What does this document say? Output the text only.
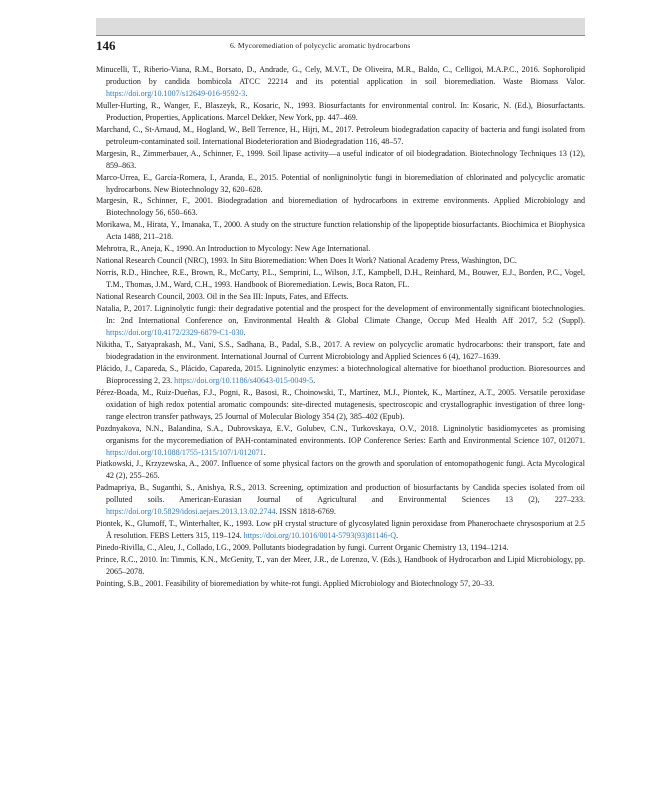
146	6. Mycoremediation of polycyclic aromatic hydrocarbons
Minucelli, T., Riberio-Viana, R.M., Borsato, D., Andrade, G., Cely, M.V.T., De Oliveira, M.R., Baldo, C., Celligoi, M.A.P.C., 2016. Sophorolipid production by candida bombicola ATCC 22214 and its potential application in soil bioremediation. Waste Biomass Valor. https://doi.org/10.1007/s12649-016-9592-3.
Muller-Hurting, R., Wanger, F., Blaszeyk, R., Kosaric, N., 1993. Biosurfactants for environmental control. In: Kosaric, N. (Ed.), Biosurfactants. Production, Properties, Applications. Marcel Dekker, New York, pp. 447–469.
Marchand, C., St-Arnaud, M., Hogland, W., Bell Terrence, H., Hijri, M., 2017. Petroleum biodegradation capacity of bacteria and fungi isolated from petroleum-contaminated soil. International Biodeterioration and Biodegradation 116, 48–57.
Margesin, R., Zimmerbauer, A., Schinner, F., 1999. Soil lipase activity—a useful indicator of oil biodegradation. Biotechnology Techniques 13 (12), 859–863.
Marco-Urrea, E., García-Romera, I., Aranda, E., 2015. Potential of nonligninolytic fungi in bioremediation of chlorinated and polycyclic aromatic hydrocarbons. New Biotechnology 32, 620–628.
Margesin, R., Schinner, F., 2001. Biodegradation and bioremediation of hydrocarbons in extreme environments. Applied Microbiology and Biotechnology 56, 650–663.
Morikawa, M., Hirata, Y., Imanaka, T., 2000. A study on the structure function relationship of the lipopeptide biosurfactants. Biochimica et Biophysica Acta 1488, 211–218.
Mehrotra, R., Aneja, K., 1990. An Introduction to Mycology: New Age International.
National Research Council (NRC), 1993. In Situ Bioremediation: When Does It Work? National Academy Press, Washington, DC.
Norris, R.D., Hinchee, R.E., Brown, R., McCarty, P.L., Semprini, L., Wilson, J.T., Kampbell, D.H., Reinhard, M., Bouwer, E.J., Borden, P.C., Vogel, T.M., Thomas, J.M., Ward, C.H., 1993. Handbook of Bioremediation. Lewis, Boca Raton, FL.
National Research Council, 2003. Oil in the Sea III: Inputs, Fates, and Effects.
Natalia, P., 2017. Ligninolytic fungi: their degradative potential and the prospect for the development of environmentally significant biotechnologies. In: 2nd International Conference on, Environmental Health & Global Climate Change, Occup Med Health Aff 2017, 5:2 (Suppl). https://doi.org/10.4172/2329-6879-C1-030.
Nikitha, T., Satyaprakash, M., Vani, S.S., Sadhana, B., Padal, S.B., 2017. A review on polycyclic aromatic hydrocarbons: their transport, fate and biodegradation in the environment. International Journal of Current Microbiology and Applied Sciences 6 (4), 1627–1639.
Plácido, J., Capareda, S., Plácido, Capareda, 2015. Ligninolytic enzymes: a biotechnological alternative for bioethanol production. Bioresources and Bioprocessing 2, 23. https://doi.org/10.1186/s40643-015-0049-5.
Pérez-Boada, M., Ruiz-Dueñas, F.J., Pogni, R., Basosi, R., Choinowski, T., Martínez, M.J., Piontek, K., Martínez, A.T., 2005. Versatile peroxidase oxidation of high redox potential aromatic compounds: site-directed mutagenesis, spectroscopic and crystallographic investigation of three long-range electron transfer pathways, 25 Journal of Molecular Biology 354 (2), 385–402 (Epub).
Pozdnyakova, N.N., Balandina, S.A., Dubrovskaya, E.V., Golubev, C.N., Turkovskaya, O.V., 2018. Ligninolytic basidiomycetes as promising organisms for the mycoremediation of PAH-contaminated environments. IOP Conference Series: Earth and Environmental Science 107, 012071. https://doi.org/10.1088/1755-1315/107/1/012071.
Piatkowski, J., Krzyzewska, A., 2007. Influence of some physical factors on the growth and sporulation of entomopathogenic fungi. Acta Mycological 42 (2), 255–265.
Padmapriya, B., Suganthi, S., Anishya, R.S., 2013. Screening, optimization and production of biosurfactants by Candida species isolated from oil polluted soils. American-Eurasian Journal of Agricultural and Environmental Sciences 13 (2), 227–233. https://doi.org/10.5829/idosi.aejaes.2013.13.02.2744. ISSN 1818-6769.
Piontek, K., Glumoff, T., Winterhalter, K., 1993. Low pH crystal structure of glycosylated lignin peroxidase from Phanerochaete chrysosporium at 2.5 Å resolution. FEBS Letters 315, 119–124. https://doi.org/10.1016/0014-5793(93)81146-Q.
Pinedo-Rivilla, C., Aleu, J., Collado, I.G., 2009. Pollutants biodegradation by fungi. Current Organic Chemistry 13, 1194–1214.
Prince, R.C., 2010. In: Timmis, K.N., McGenity, T., van der Meer, J.R., de Lorenzo, V. (Eds.), Handbook of Hydrocarbon and Lipid Microbiology, pp. 2065–2078.
Pointing, S.B., 2001. Feasibility of bioremediation by white-rot fungi. Applied Microbiology and Biotechnology 57, 20–33.
